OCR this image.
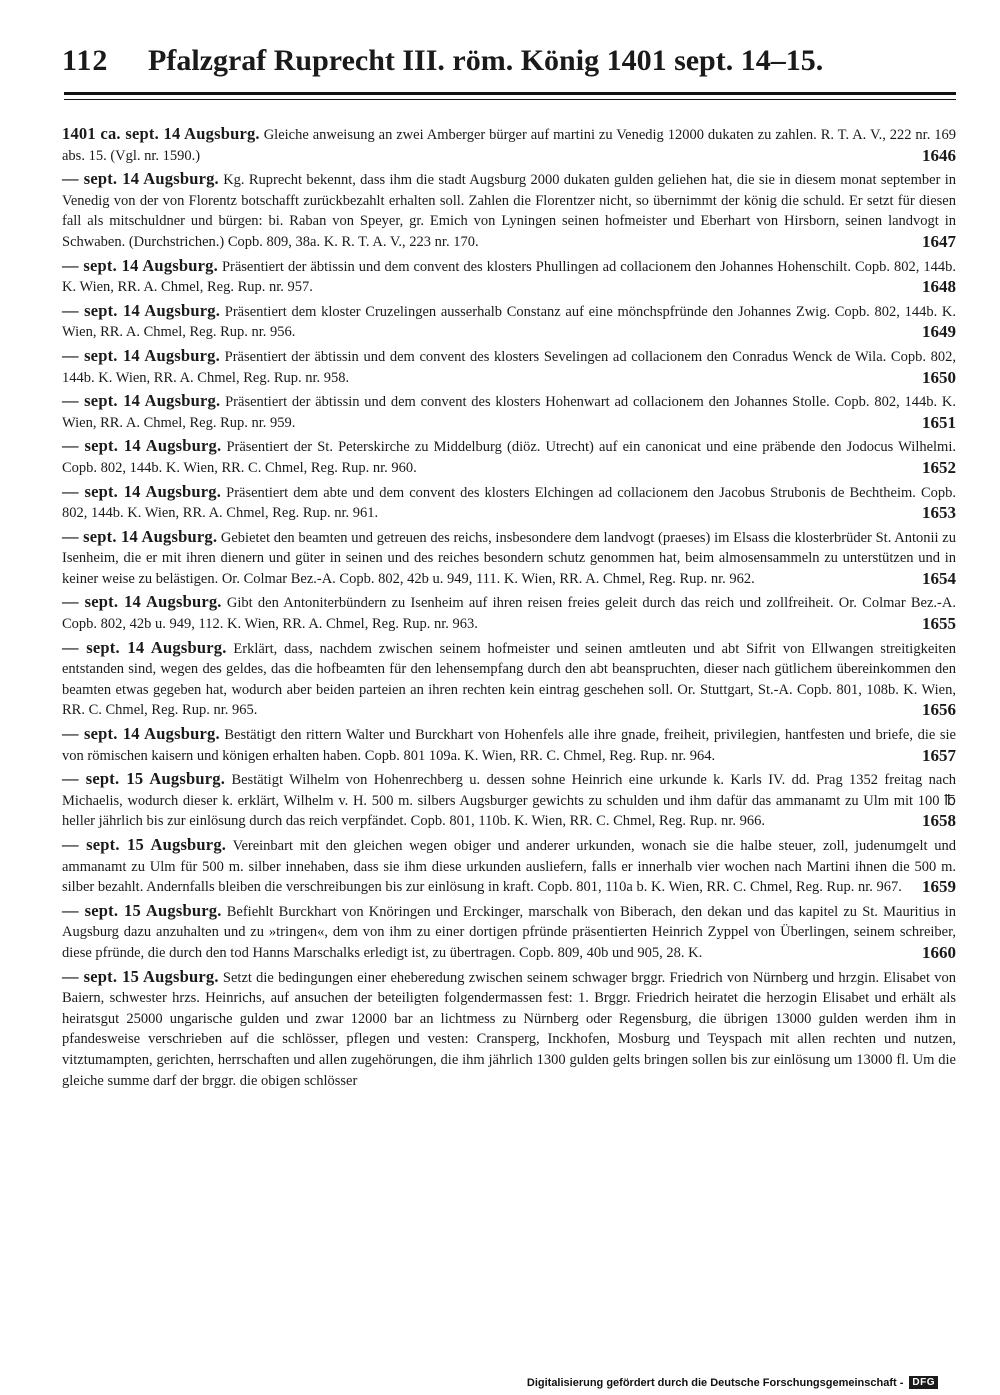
112 Pfalzgraf Ruprecht III. röm. König 1401 sept. 14–15.
1401 ca. sept. 14 Augsburg. Gleiche anweisung an zwei Amberger bürger auf martini zu Venedig 12000 dukaten zu zahlen. R. T. A. V., 222 nr. 169 abs. 15. (Vgl. nr. 1590.)	1646
— sept. 14 Augsburg. Kg. Ruprecht bekennt, dass ihm die stadt Augsburg 2000 dukaten gulden geliehen hat, die sie in diesem monat september in Venedig von der von Florentz botschafft zurückbezahlt erhalten soll. Zahlen die Florentzer nicht, so übernimmt der könig die schuld. Er setzt für diesen fall als mitschuldner und bürgen: bi. Raban von Speyer, gr. Emich von Lyningen seinen hofmeister und Eberhart von Hirsborn, seinen landvogt in Schwaben. (Durchstrichen.) Copb. 809, 38a. K. R. T. A. V., 223 nr. 170.	1647
— sept. 14 Augsburg. Präsentiert der äbtissin und dem convent des klosters Phullingen ad collacionem den Johannes Hohenschilt. Copb. 802, 144b. K. Wien, RR. A. Chmel, Reg. Rup. nr. 957.	1648
— sept. 14 Augsburg. Präsentiert dem kloster Cruzelingen ausserhalb Constanz auf eine mönchspfründe den Johannes Zwig. Copb. 802, 144b. K. Wien, RR. A. Chmel, Reg. Rup. nr. 956.	1649
— sept. 14 Augsburg. Präsentiert der äbtissin und dem convent des klosters Sevelingen ad collacionem den Conradus Wenck de Wila. Copb. 802, 144b. K. Wien, RR. A. Chmel, Reg. Rup. nr. 958.	1650
— sept. 14 Augsburg. Präsentiert der äbtissin und dem convent des klosters Hohenwart ad collacionem den Johannes Stolle. Copb. 802, 144b. K. Wien, RR. A. Chmel, Reg. Rup. nr. 959.	1651
— sept. 14 Augsburg. Präsentiert der St. Peterskirche zu Middelburg (diöz. Utrecht) auf ein canonicat und eine präbende den Jodocus Wilhelmi. Copb. 802, 144b. K. Wien, RR. C. Chmel, Reg. Rup. nr. 960.	1652
— sept. 14 Augsburg. Präsentiert dem abte und dem convent des klosters Elchingen ad collacionem den Jacobus Strubonis de Bechtheim. Copb. 802, 144b. K. Wien, RR. A. Chmel, Reg. Rup. nr. 961.	1653
— sept. 14 Augsburg. Gebietet den beamten und getreuen des reichs, insbesondere dem landvogt (praeses) im Elsass die klosterbrüder St. Antonii zu Isenheim, die er mit ihren dienern und güter in seinen und des reiches besondern schutz genommen hat, beim almosensammeln zu unterstützen und in keiner weise zu belästigen. Or. Colmar Bez.-A. Copb. 802, 42b u. 949, 111. K. Wien, RR. A. Chmel, Reg. Rup. nr. 962.	1654
— sept. 14 Augsburg. Gibt den Antoniterbündern zu Isenheim auf ihren reisen freies geleit durch das reich und zollfreiheit. Or. Colmar Bez.-A. Copb. 802, 42b u. 949, 112. K. Wien, RR. A. Chmel, Reg. Rup. nr. 963.	1655
— sept. 14 Augsburg. Erklärt, dass, nachdem zwischen seinem hofmeister und seinen amtleuten und abt Sifrit von Ellwangen streitigkeiten entstanden sind, wegen des geldes, das die hofbeamten für den lehensempfang durch den abt beanspruchten, dieser nach gütlichem übereinkommen den beamten etwas gegeben hat, wodurch aber beiden parteien an ihren rechten kein eintrag geschehen soll. Or. Stuttgart, St.-A. Copb. 801, 108b. K. Wien, RR. C. Chmel, Reg. Rup. nr. 965.	1656
— sept. 14 Augsburg. Bestätigt den rittern Walter und Burckhart von Hohenfels alle ihre gnade, freiheit, privilegien, hantfesten und briefe, die sie von römischen kaisern und königen erhalten haben. Copb. 801 109a. K. Wien, RR. C. Chmel, Reg. Rup. nr. 964.	1657
— sept. 15 Augsburg. Bestätigt Wilhelm von Hohenrechberg u. dessen sohne Heinrich eine urkunde k. Karls IV. dd. Prag 1352 freitag nach Michaelis, wodurch dieser k. erklärt, Wilhelm v. H. 500 m. silbers Augsburger gewichts zu schulden und ihm dafür das ammanamt zu Ulm mit 100 ℔ heller jährlich bis zur einlösung durch das reich verpfändet. Copb. 801, 110b. K. Wien, RR. C. Chmel, Reg. Rup. nr. 966.	1658
— sept. 15 Augsburg. Vereinbart mit den gleichen wegen obiger und anderer urkunden, wonach sie die halbe steuer, zoll, judenumgelt und ammanamt zu Ulm für 500 m. silber innehaben, dass sie ihm diese urkunden ausliefern, falls er innerhalb vier wochen nach Martini ihnen die 500 m. silber bezahlt. Andernfalls bleiben die verschreibungen bis zur einlösung in kraft. Copb. 801, 110a b. K. Wien, RR. C. Chmel, Reg. Rup. nr. 967. 1659
— sept. 15 Augsburg. Befiehlt Burckhart von Knöringen und Erckinger, marschalk von Biberach, den dekan und das kapitel zu St. Mauritius in Augsburg dazu anzuhalten und zu »tringen«, dem von ihm zu einer dortigen pfründe präsentierten Heinrich Zyppel von Überlingen, seinem schreiber, diese pfründe, die durch den tod Hanns Marschalks erledigt ist, zu übertragen. Copb. 809, 40b und 905, 28. K.	1660
— sept. 15 Augsburg. Setzt die bedingungen einer eheberedung zwischen seinem schwager brggr. Friedrich von Nürnberg und hrzgin. Elisabet von Baiern, schwester hrzs. Heinrichs, auf ansuchen der beteiligten folgendermassen fest: 1. Brggr. Friedrich heiratet die herzogin Elisabet und erhält als heiratsgut 25000 ungarische gulden und zwar 12000 bar an lichtmess zu Nürnberg oder Regensburg, die übrigen 13000 gulden werden ihm in pfandesweise verschrieben auf die schlösser, pflegen und vesten: Cransperg, Inckhofen, Mosburg und Teyspach mit allen rechten und nutzen, vitztumampten, gerichten, herrschaften und allen zugehörungen, die ihm jährlich 1300 gulden gelts bringen sollen bis zur einlösung um 13000 fl. Um die gleiche summe darf der brggr. die obigen schlösser
Digitalisierung gefördert durch die Deutsche Forschungsgemeinschaft - DFG
